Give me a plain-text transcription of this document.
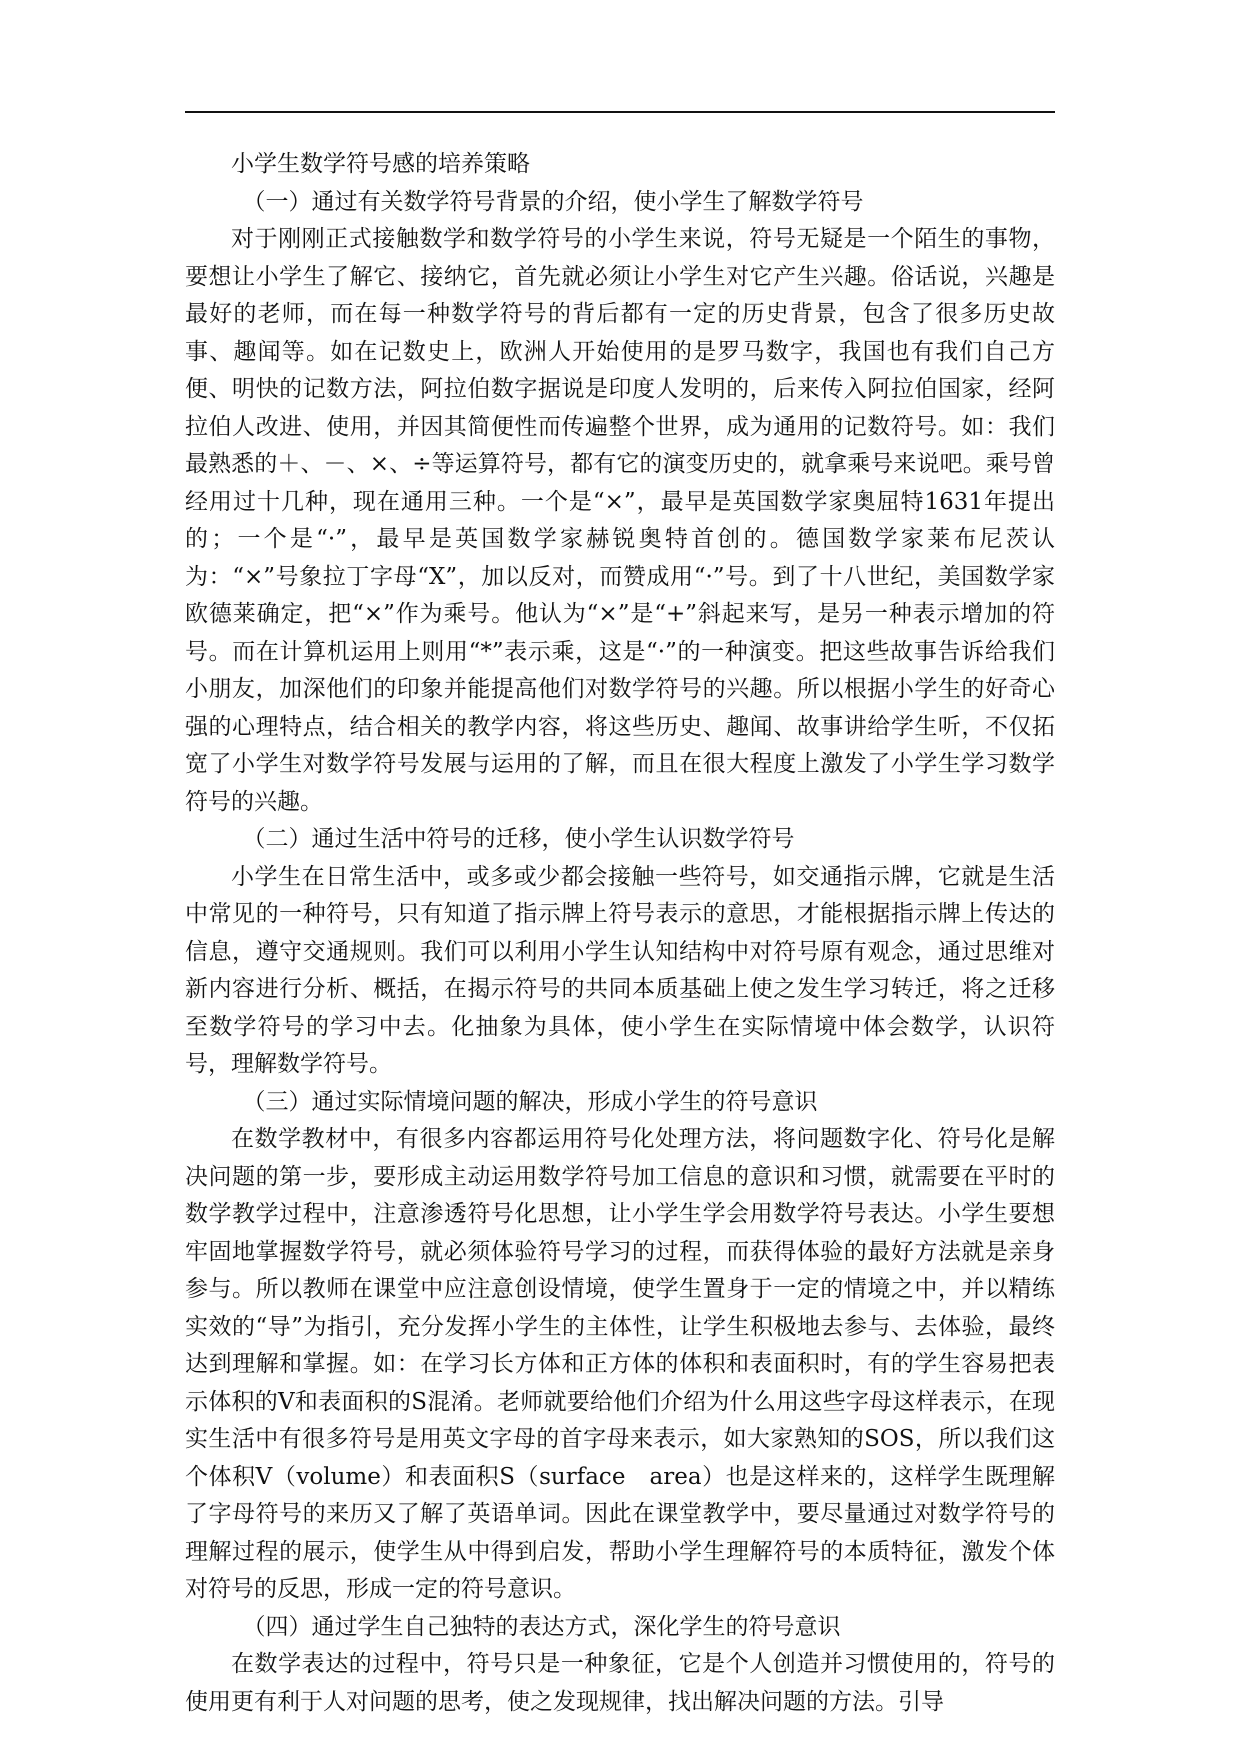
小学生数学符号感的培养策略

（一）通过有关数学符号背景的介绍，使小学生了解数学符号

对于刚刚正式接触数学和数学符号的小学生来说，符号无疑是一个陌生的事物，要想让小学生了解它、接纳它，首先就必须让小学生对它产生兴趣。俗话说，兴趣是最好的老师，而在每一种数学符号的背后都有一定的历史背景，包含了很多历史故事、趣闻等。如在记数史上，欧洲人开始使用的是罗马数字，我国也有我们自己方便、明快的记数方法，阿拉伯数字据说是印度人发明的，后来传入阿拉伯国家，经阿拉伯人改进、使用，并因其简便性而传遍整个世界，成为通用的记数符号。如：我们最熟悉的＋、－、×、÷等运算符号，都有它的演变历史的，就拿乘号来说吧。乘号曾经用过十几种，现在通用三种。一个是“×”，最早是英国数学家奥屈特1631年提出的；一个是“·”，最早是英国数学家赫锐奥特首创的。德国数学家莱布尼茨认为：“×”号象拉丁字母“X”，加以反对，而赞成用“·”号。到了十八世纪，美国数学家欧德莱确定，把“×”作为乘号。他认为“×”是“+”斜起来写，是另一种表示增加的符号。而在计算机运用上则用“*”表示乘，这是“·”的一种演变。把这些故事告诉给我们小朋友，加深他们的印象并能提高他们对数学符号的兴趣。所以根据小学生的好奇心强的心理特点，结合相关的教学内容，将这些历史、趣闻、故事讲给学生听，不仅拓宽了小学生对数学符号发展与运用的了解，而且在很大程度上激发了小学生学习数学符号的兴趣。

（二）通过生活中符号的迁移，使小学生认识数学符号

小学生在日常生活中，或多或少都会接触一些符号，如交通指示牌，它就是生活中常见的一种符号，只有知道了指示牌上符号表示的意思，才能根据指示牌上传达的信息，遵守交通规则。我们可以利用小学生认知结构中对符号原有观念，通过思维对新内容进行分析、概括，在揭示符号的共同本质基础上使之发生学习转迁，将之迁移至数学符号的学习中去。化抽象为具体，使小学生在实际情境中体会数学，认识符号，理解数学符号。

（三）通过实际情境问题的解决，形成小学生的符号意识

在数学教材中，有很多内容都运用符号化处理方法，将问题数字化、符号化是解决问题的第一步，要形成主动运用数学符号加工信息的意识和习惯，就需要在平时的数学教学过程中，注意渗透符号化思想，让小学生学会用数学符号表达。小学生要想牢固地掌握数学符号，就必须体验符号学习的过程，而获得体验的最好方法就是亲身参与。所以教师在课堂中应注意创设情境，使学生置身于一定的情境之中，并以精练实效的“导”为指引，充分发挥小学生的主体性，让学生积极地去参与、去体验，最终达到理解和掌握。如：在学习长方体和正方体的体积和表面积时，有的学生容易把表示体积的V和表面积的S混淆。老师就要给他们介绍为什么用这些字母这样表示，在现实生活中有很多符号是用英文字母的首字母来表示，如大家熟知的SOS，所以我们这个体积V（volume）和表面积S（surface　area）也是这样来的，这样学生既理解了字母符号的来历又了解了英语单词。因此在课堂教学中，要尽量通过对数学符号的理解过程的展示，使学生从中得到启发，帮助小学生理解符号的本质特征，激发个体对符号的反思，形成一定的符号意识。

（四）通过学生自己独特的表达方式，深化学生的符号意识

在数学表达的过程中，符号只是一种象征，它是个人创造并习惯使用的，符号的使用更有利于人对问题的思考，使之发现规律，找出解决问题的方法。引导
